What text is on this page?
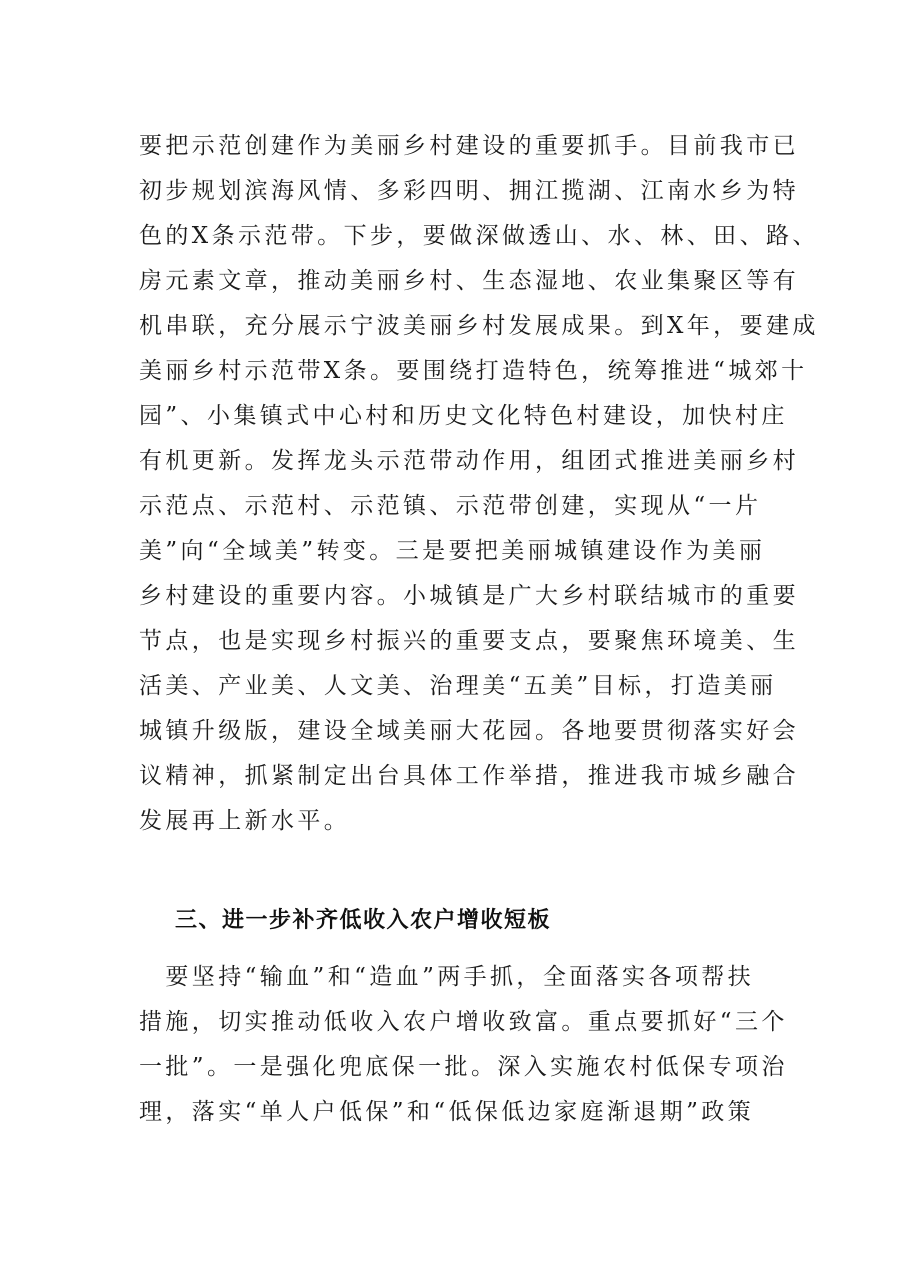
要把示范创建作为美丽乡村建设的重要抓手。目前我市已
初步规划滨海风情、多彩四明、拥江揽湖、江南水乡为特
色的X条示范带。下步，要做深做透山、水、林、田、路、
房元素文章，推动美丽乡村、生态湿地、农业集聚区等有
机串联，充分展示宁波美丽乡村发展成果。到X年，要建成
美丽乡村示范带X条。要围绕打造特色，统筹推进“城郊十
园”、小集镇式中心村和历史文化特色村建设，加快村庄
有机更新。发挥龙头示范带动作用，组团式推进美丽乡村
示范点、示范村、示范镇、示范带创建，实现从“一片
美”向“全域美”转变。三是要把美丽城镇建设作为美丽
乡村建设的重要内容。小城镇是广大乡村联结城市的重要
节点，也是实现乡村振兴的重要支点，要聚焦环境美、生
活美、产业美、人文美、治理美“五美”目标，打造美丽
城镇升级版，建设全域美丽大花园。各地要贯彻落实好会
议精神，抓紧制定出台具体工作举措，推进我市城乡融合
发展再上新水平。
三、进一步补齐低收入农户增收短板
　要坚持“输血”和“造血”两手抓，全面落实各项帮扶
措施，切实推动低收入农户增收致富。重点要抓好“三个
一批”。一是强化兜底保一批。深入实施农村低保专项治
理，落实“单人户低保”和“低保低边家庭渐退期”政策
